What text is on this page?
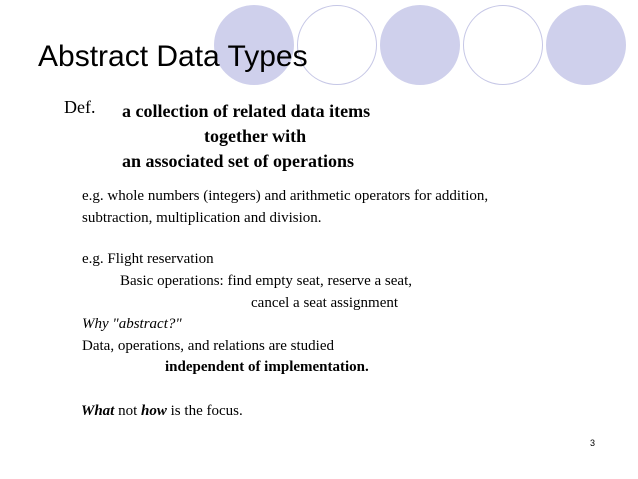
Abstract Data Types
Def. a collection of related data items
together with
an associated set of operations
e.g. whole numbers (integers) and arithmetic operators for addition,
subtraction, multiplication and division.
e.g. Flight reservation
Basic operations: find empty seat, reserve a seat,
cancel a seat assignment
Why "abstract?"
Data, operations, and relations are studied
independent of implementation.
What not how is the focus.
3
